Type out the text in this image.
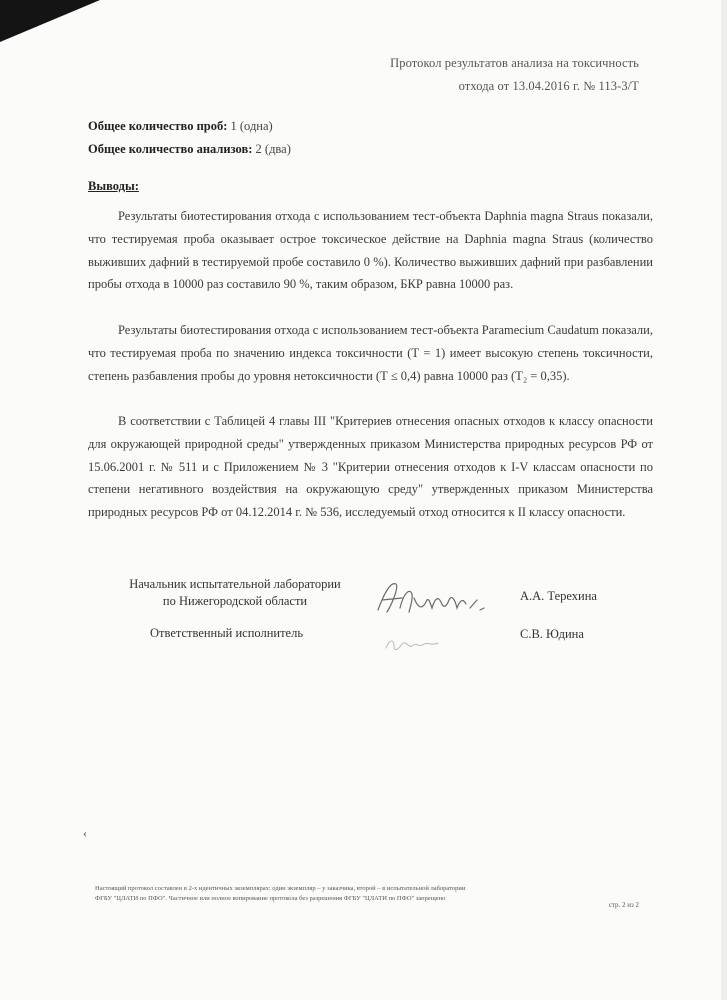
Протокол результатов анализа на токсичность
отхода от 13.04.2016 г. № 113-3/Т
Общее количество проб: 1 (одна)
Общее количество анализов: 2 (два)
Выводы:

Результаты биотестирования отхода с использованием тест-объекта Daphnia magna Straus показали, что тестируемая проба оказывает острое токсическое действие на Daphnia magna Straus (количество выживших дафний в тестируемой пробе составило 0 %). Количество выживших дафний при разбавлении пробы отхода в 10000 раз составило 90 %, таким образом, БКР равна 10000 раз.

Результаты биотестирования отхода с использованием тест-объекта Paramecium Caudatum показали, что тестируемая проба по значению индекса токсичности (Т = 1) имеет высокую степень токсичности, степень разбавления пробы до уровня нетоксичности (Т ≤ 0,4) равна 10000 раз (Т₂ = 0,35).

В соответствии с Таблицей 4 главы III "Критериев отнесения опасных отходов к классу опасности для окружающей природной среды" утвержденных приказом Министерства природных ресурсов РФ от 15.06.2001 г. № 511 и с Приложением № 3 "Критерии отнесения отходов к I-V классам опасности по степени негативного воздействия на окружающую среду" утвержденных приказом Министерства природных ресурсов РФ от 04.12.2014 г. № 536, исследуемый отход относится к II классу опасности.

Начальник испытательной лаборатории
по Нижегородской области	А.А. Терехина
Ответственный исполнитель	С.В. Юдина
‹

Настоящий протокол составлен в 2-х идентичных экземплярах: один экземпляр – у заказчика, второй – в испытательной лаборатории

ФГБУ "ЦЛАТИ по ПФО". Частичное или полное копирование протокола без разрешения ФГБУ "ЦЛАТИ по ПФО" запрещено

стр. 2 из 2
